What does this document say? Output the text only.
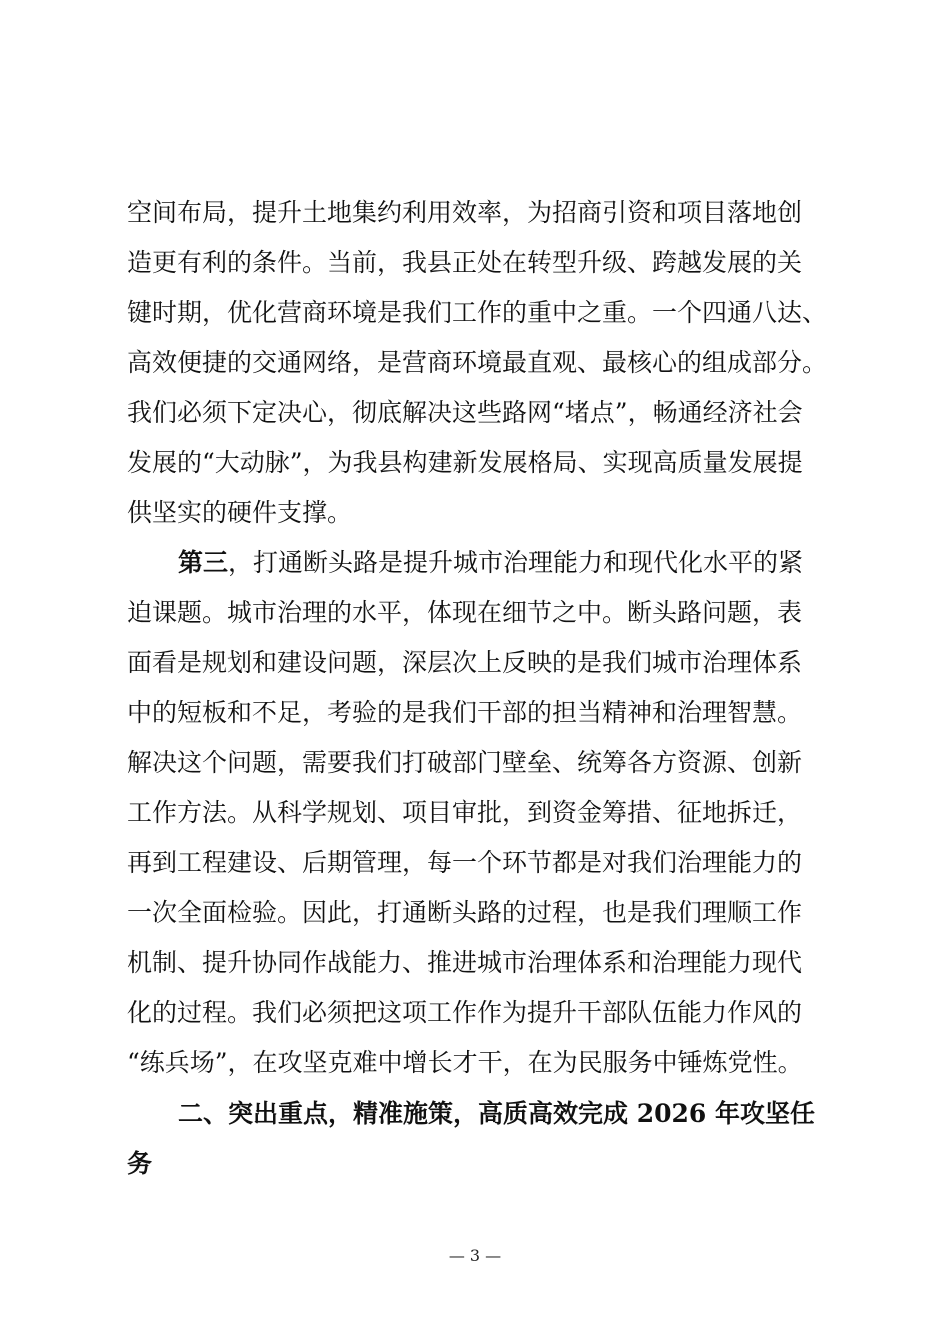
空间布局，提升土地集约利用效率，为招商引资和项目落地创
造更有利的条件。当前，我县正处在转型升级、跨越发展的关
键时期，优化营商环境是我们工作的重中之重。一个四通八达、
高效便捷的交通网络，是营商环境最直观、最核心的组成部分。
我们必须下定决心，彻底解决这些路网“堵点”，畅通经济社会
发展的“大动脉”，为我县构建新发展格局、实现高质量发展提
供坚实的硬件支撑。
第三，打通断头路是提升城市治理能力和现代化水平的紧
迫课题。城市治理的水平，体现在细节之中。断头路问题，表
面看是规划和建设问题，深层次上反映的是我们城市治理体系
中的短板和不足，考验的是我们干部的担当精神和治理智慧。
解决这个问题，需要我们打破部门壁垒、统筹各方资源、创新
工作方法。从科学规划、项目审批，到资金筹措、征地拆迁，
再到工程建设、后期管理，每一个环节都是对我们治理能力的
一次全面检验。因此，打通断头路的过程，也是我们理顺工作
机制、提升协同作战能力、推进城市治理体系和治理能力现代
化的过程。我们必须把这项工作作为提升干部队伍能力作风的
“练兵场”，在攻坚克难中增长才干，在为民服务中锤炼党性。
二、突出重点，精准施策，高质高效完成 2026 年攻坚任
务
— 3 —
